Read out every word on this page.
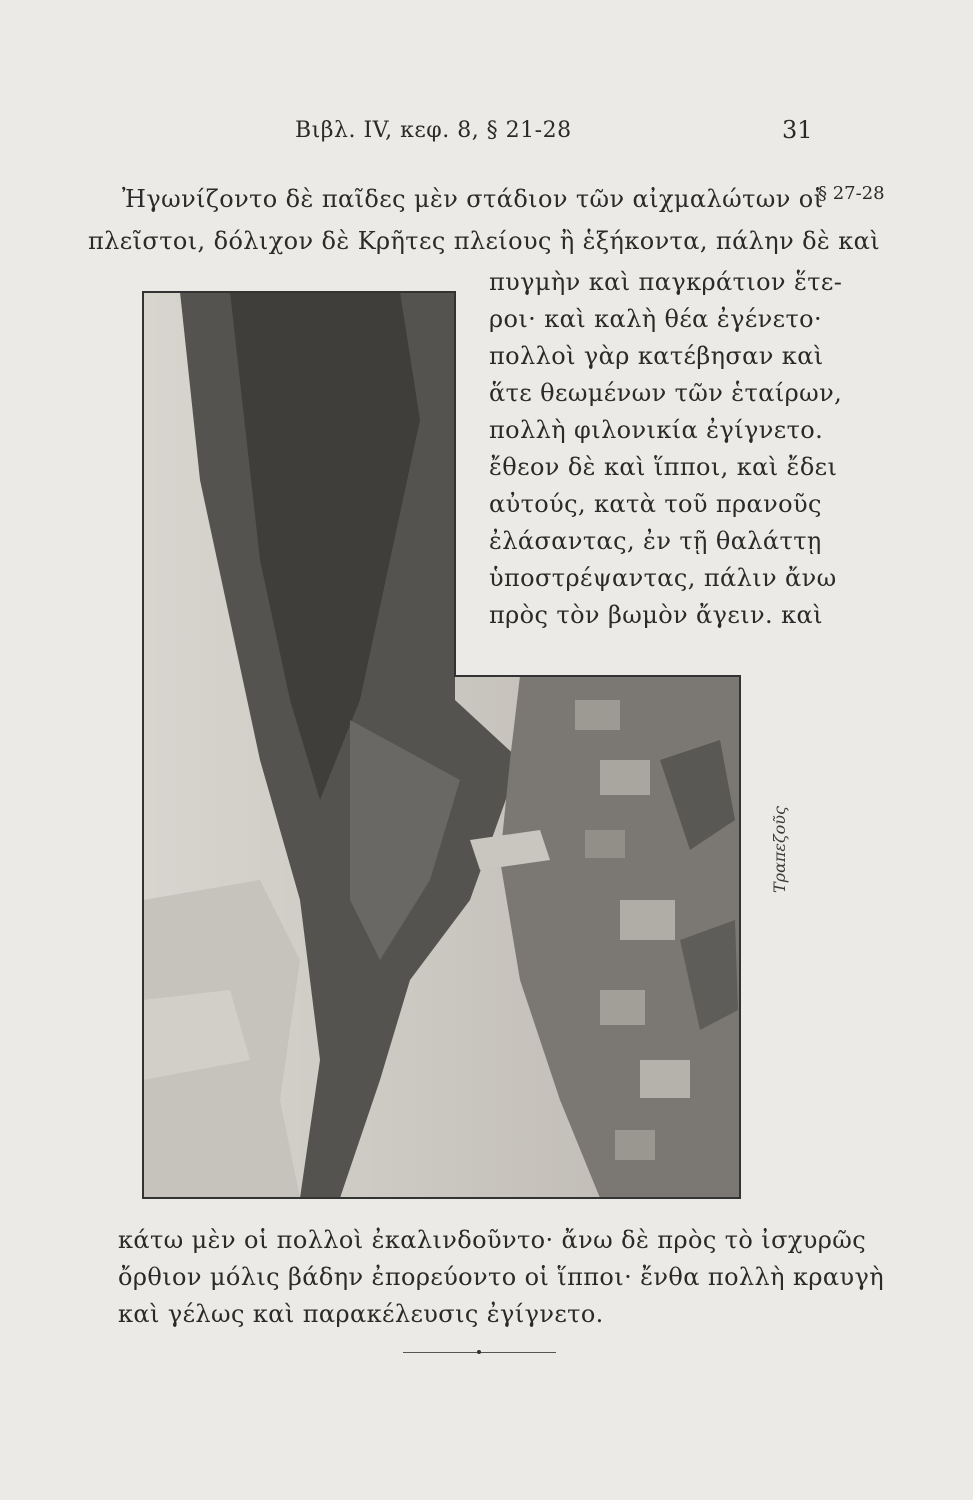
Βιβλ. IV, κεφ. 8, § 21-28	31
§ 27-28
Ἠγωνίζοντο δὲ παῖδες μὲν στάδιον τῶν αἰχμαλώτων οἱ
πλεῖστοι, δόλιχον δὲ Κρῆτες πλείους ἢ ἑξήκοντα, πάλην δὲ καὶ
πυγμὴν καὶ παγκράτιον ἕτε-
ροι· καὶ καλὴ θέα ἐγένετο·
πολλοὶ γὰρ κατέβησαν καὶ
ἅτε θεωμένων τῶν ἑταίρων,
πολλὴ φιλονικία ἐγίγνετο.
ἔθεον δὲ καὶ ἵπποι, καὶ ἔδει
αὐτούς, κατὰ τοῦ πρανοῦς
ἐλάσαντας, ἐν τῇ θαλάττῃ
ὑποστρέψαντας, πάλιν ἄνω
πρὸς τὸν βωμὸν ἄγειν. καὶ
Τραπεζοῦς
κάτω μὲν οἱ πολλοὶ ἐκαλινδοῦντο· ἄνω δὲ πρὸς τὸ ἰσχυρῶς
ὄρθιον μόλις βάδην ἐπορεύοντο οἱ ἵπποι· ἔνθα πολλὴ κραυγὴ
καὶ γέλως καὶ παρακέλευσις ἐγίγνετο.
